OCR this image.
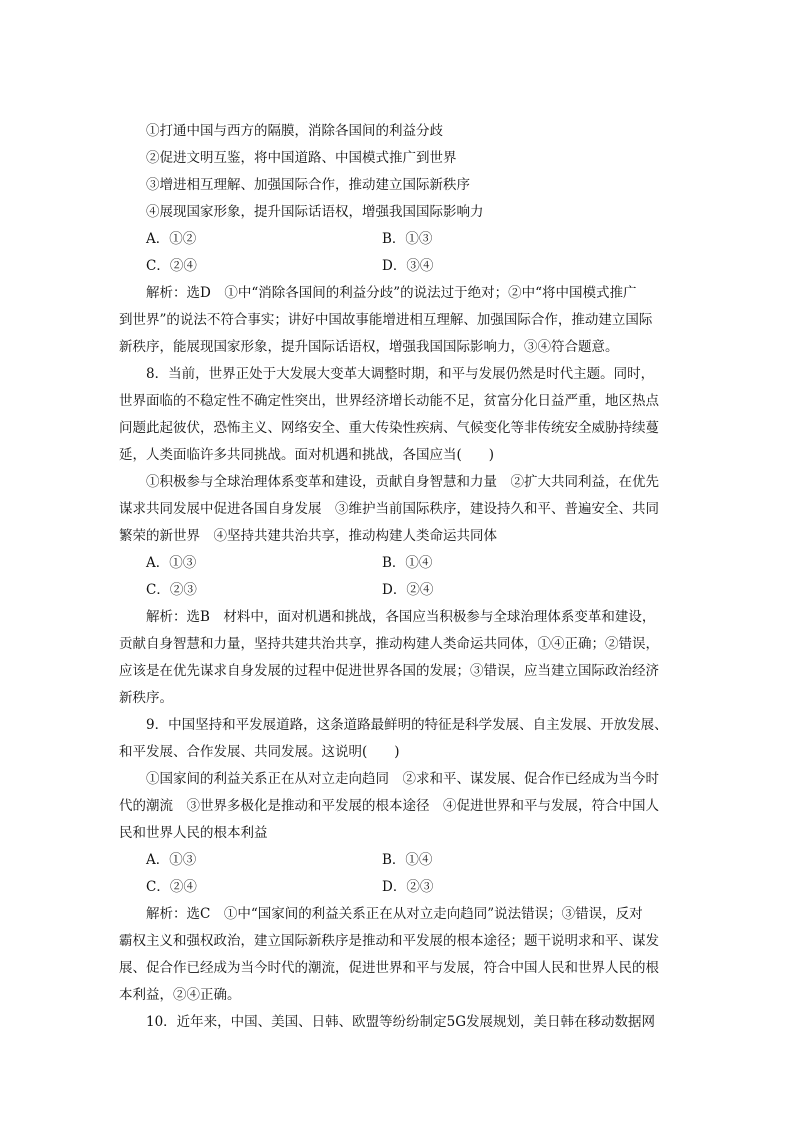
①打通中国与西方的隔膜，消除各国间的利益分歧
②促进文明互鉴，将中国道路、中国模式推广到世界
③增进相互理解、加强国际合作，推动建立国际新秩序
④展现国家形象，提升国际话语权，增强我国国际影响力
A．①②	B．①③
C．②④	D．③④
解析：选D　①中“消除各国间的利益分歧”的说法过于绝对；②中“将中国模式推广
到世界”的说法不符合事实；讲好中国故事能增进相互理解、加强国际合作，推动建立国际
新秩序，能展现国家形象，提升国际话语权，增强我国国际影响力，③④符合题意。
8．当前，世界正处于大发展大变革大调整时期，和平与发展仍然是时代主题。同时，
世界面临的不稳定性不确定性突出，世界经济增长动能不足，贫富分化日益严重，地区热点
问题此起彼伏，恐怖主义、网络安全、重大传染性疾病、气候变化等非传统安全威胁持续蔓
延，人类面临许多共同挑战。面对机遇和挑战，各国应当(　　)
①积极参与全球治理体系变革和建设，贡献自身智慧和力量　②扩大共同利益，在优先
谋求共同发展中促进各国自身发展　③维护当前国际秩序，建设持久和平、普遍安全、共同
繁荣的新世界　④坚持共建共治共享，推动构建人类命运共同体
A．①③	B．①④
C．②③	D．②④
解析：选B　材料中，面对机遇和挑战，各国应当积极参与全球治理体系变革和建设，
贡献自身智慧和力量，坚持共建共治共享，推动构建人类命运共同体，①④正确；②错误，
应该是在优先谋求自身发展的过程中促进世界各国的发展；③错误，应当建立国际政治经济
新秩序。
9．中国坚持和平发展道路，这条道路最鲜明的特征是科学发展、自主发展、开放发展、
和平发展、合作发展、共同发展。这说明(　　)
①国家间的利益关系正在从对立走向趋同　②求和平、谋发展、促合作已经成为当今时
代的潮流　③世界多极化是推动和平发展的根本途径　④促进世界和平与发展，符合中国人
民和世界人民的根本利益
A．①③	B．①④
C．②④	D．②③
解析：选C　①中“国家间的利益关系正在从对立走向趋同”说法错误；③错误，反对
霸权主义和强权政治，建立国际新秩序是推动和平发展的根本途径；题干说明求和平、谋发
展、促合作已经成为当今时代的潮流，促进世界和平与发展，符合中国人民和世界人民的根
本利益，②④正确。
10．近年来，中国、美国、日韩、欧盟等纷纷制定5G发展规划，美日韩在移动数据网
